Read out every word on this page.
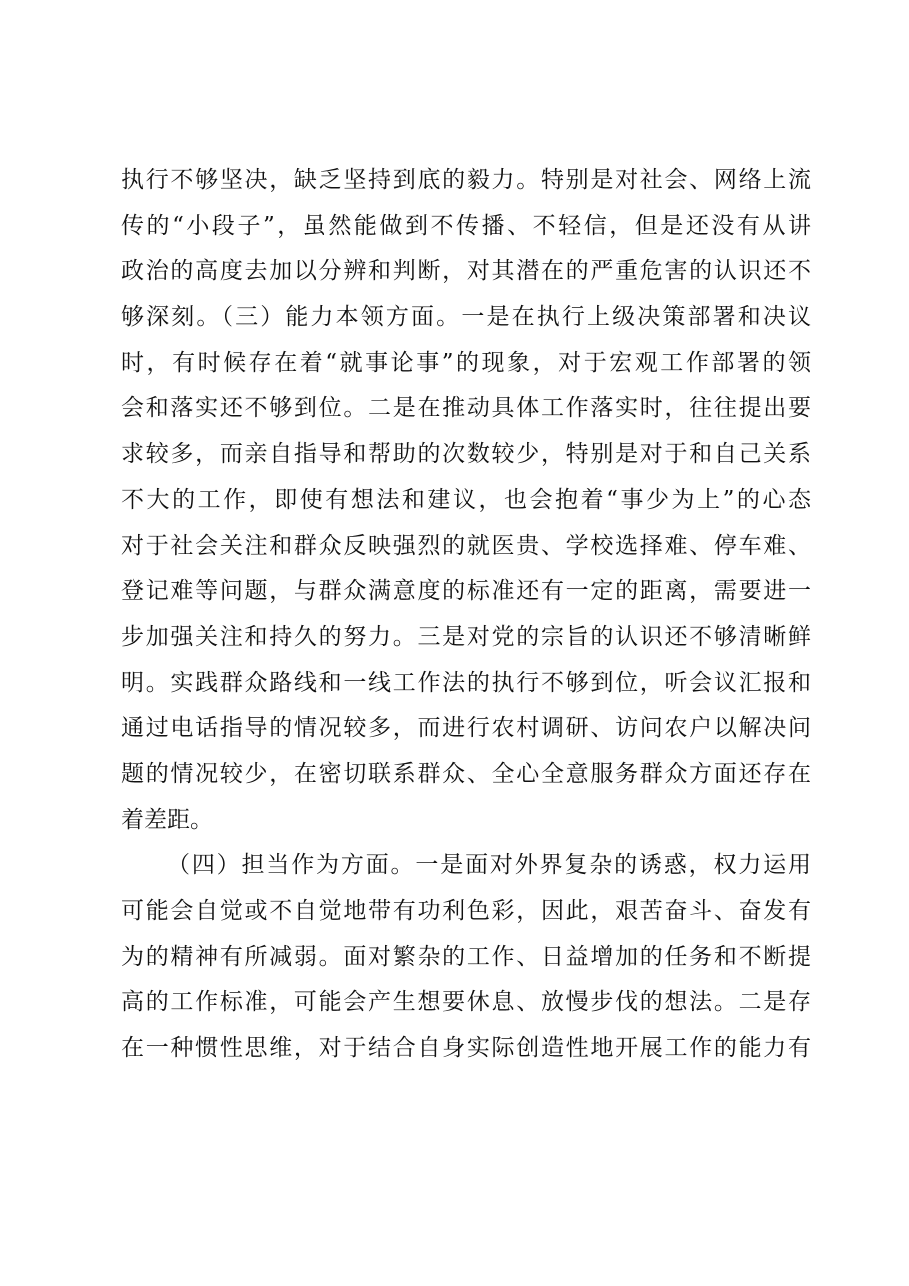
执行不够坚决，缺乏坚持到底的毅力。特别是对社会、网络上流
传的“小段子”，虽然能做到不传播、不轻信，但是还没有从讲
政治的高度去加以分辨和判断，对其潜在的严重危害的认识还不
够深刻。（三）能力本领方面。一是在执行上级决策部署和决议
时，有时候存在着“就事论事”的现象，对于宏观工作部署的领
会和落实还不够到位。二是在推动具体工作落实时，往往提出要
求较多，而亲自指导和帮助的次数较少，特别是对于和自己关系
不大的工作，即使有想法和建议，也会抱着“事少为上”的心态
对于社会关注和群众反映强烈的就医贵、学校选择难、停车难、
登记难等问题，与群众满意度的标准还有一定的距离，需要进一
步加强关注和持久的努力。三是对党的宗旨的认识还不够清晰鲜
明。实践群众路线和一线工作法的执行不够到位，听会议汇报和
通过电话指导的情况较多，而进行农村调研、访问农户以解决问
题的情况较少，在密切联系群众、全心全意服务群众方面还存在
着差距。
（四）担当作为方面。一是面对外界复杂的诱惑，权力运用
可能会自觉或不自觉地带有功利色彩，因此，艰苦奋斗、奋发有
为的精神有所减弱。面对繁杂的工作、日益增加的任务和不断提
高的工作标准，可能会产生想要休息、放慢步伐的想法。二是存
在一种惯性思维，对于结合自身实际创造性地开展工作的能力有
